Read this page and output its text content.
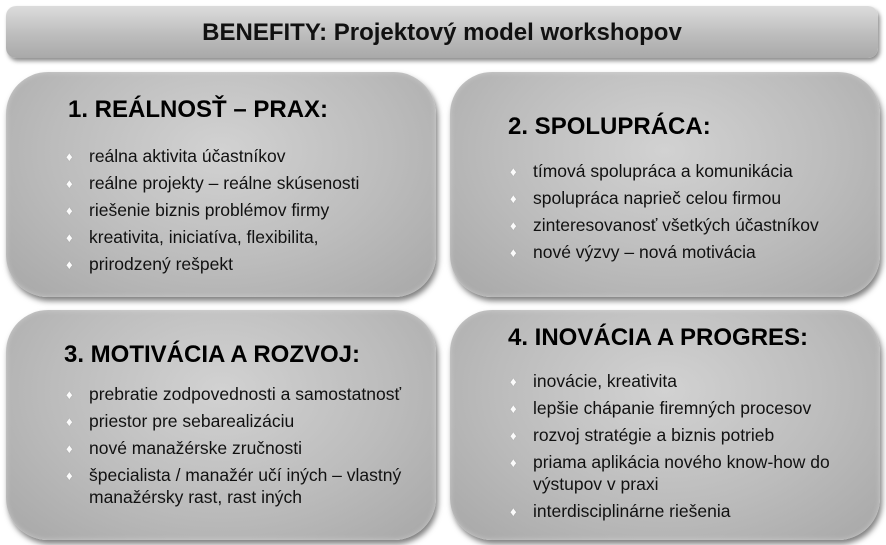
BENEFITY: Projektový model workshopov
1. REÁLNOSŤ – PRAX:
♦ reálna aktivita účastníkov
♦ reálne projekty – reálne skúsenosti
♦ riešenie biznis problémov firmy
♦ kreativita, iniciatíva, flexibilita,
♦ prirodzený rešpekt
2. SPOLUPRÁCA:
♦ tímová spolupráca a komunikácia
♦ spolupráca naprieč celou firmou
♦ zinteresovanosť všetkých účastníkov
♦ nové výzvy – nová motivácia
3. MOTIVÁCIA A ROZVOJ:
♦ prebratie zodpovednosti a samostatnosť
♦ priestor pre sebarealizáciu
♦ nové manažérske zručnosti
♦ špecialista / manažér učí iných – vlastný manažérsky rast, rast iných
4. INOVÁCIA A PROGRES:
♦ inovácie, kreativita
♦ lepšie chápanie firemných procesov
♦ rozvoj stratégie a biznis potrieb
♦ priama aplikácia nového know-how do výstupov v praxi
♦ interdisciplinárne riešenia
